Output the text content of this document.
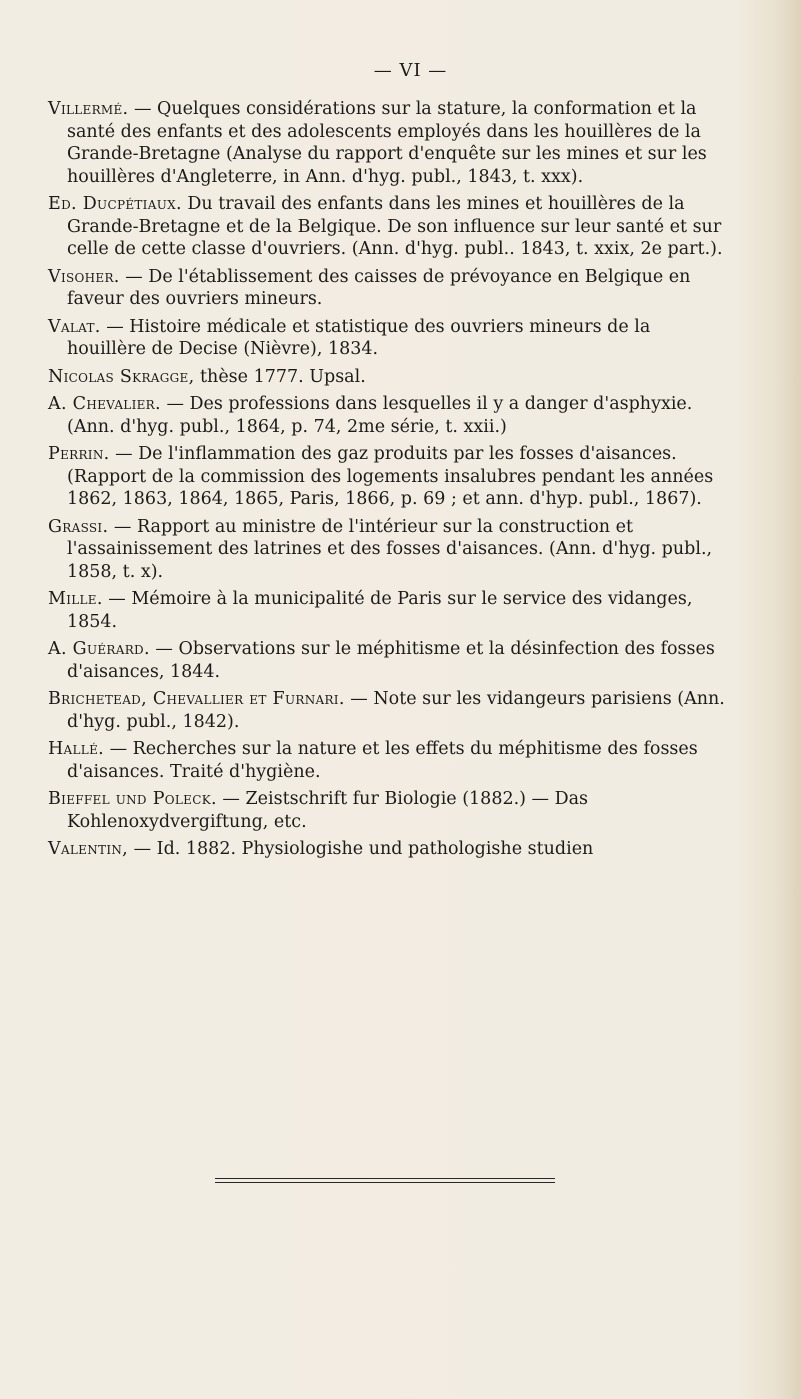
— VI —
Villermé. — Quelques considérations sur la stature, la conformation et la santé des enfants et des adolescents employés dans les houillères de la Grande-Bretagne (Analyse du rapport d'enquête sur les mines et sur les houillères d'Angleterre, in Ann. d'hyg. publ., 1843, t. xxx).
Ed. Ducpétiaux. Du travail des enfants dans les mines et houillères de la Grande-Bretagne et de la Belgique. De son influence sur leur santé et sur celle de cette classe d'ouvriers. (Ann. d'hyg. publ.. 1843, t. xxix, 2e part.).
Visoher. — De l'établissement des caisses de prévoyance en Belgique en faveur des ouvriers mineurs.
Valat. — Histoire médicale et statistique des ouvriers mineurs de la houillère de Decise (Nièvre), 1834.
Nicolas Skragge, thèse 1777. Upsal.
A. Chevalier. — Des professions dans lesquelles il y a danger d'asphyxie. (Ann. d'hyg. publ., 1864, p. 74, 2me série, t. xxii.)
Perrin. — De l'inflammation des gaz produits par les fosses d'aisances. (Rapport de la commission des logements insalubres pendant les années 1862, 1863, 1864, 1865, Paris, 1866, p. 69 ; et ann. d'hyp. publ., 1867).
Grassi. — Rapport au ministre de l'intérieur sur la construction et l'assainissement des latrines et des fosses d'aisances. (Ann. d'hyg. publ., 1858, t. x).
Mille. — Mémoire à la municipalité de Paris sur le service des vidanges, 1854.
A. Guérard. — Observations sur le méphitisme et la désinfection des fosses d'aisances, 1844.
Brichetead, Chevallier et Furnari. — Note sur les vidangeurs parisiens (Ann. d'hyg. publ., 1842).
Hallé. — Recherches sur la nature et les effets du méphitisme des fosses d'aisances. Traité d'hygiène.
Bieffel und Poleck. — Zeistschrift fur Biologie (1882.) — Das Kohlenoxydvergiftung, etc.
Valentin, — Id. 1882. Physiologishe und pathologishe studien
